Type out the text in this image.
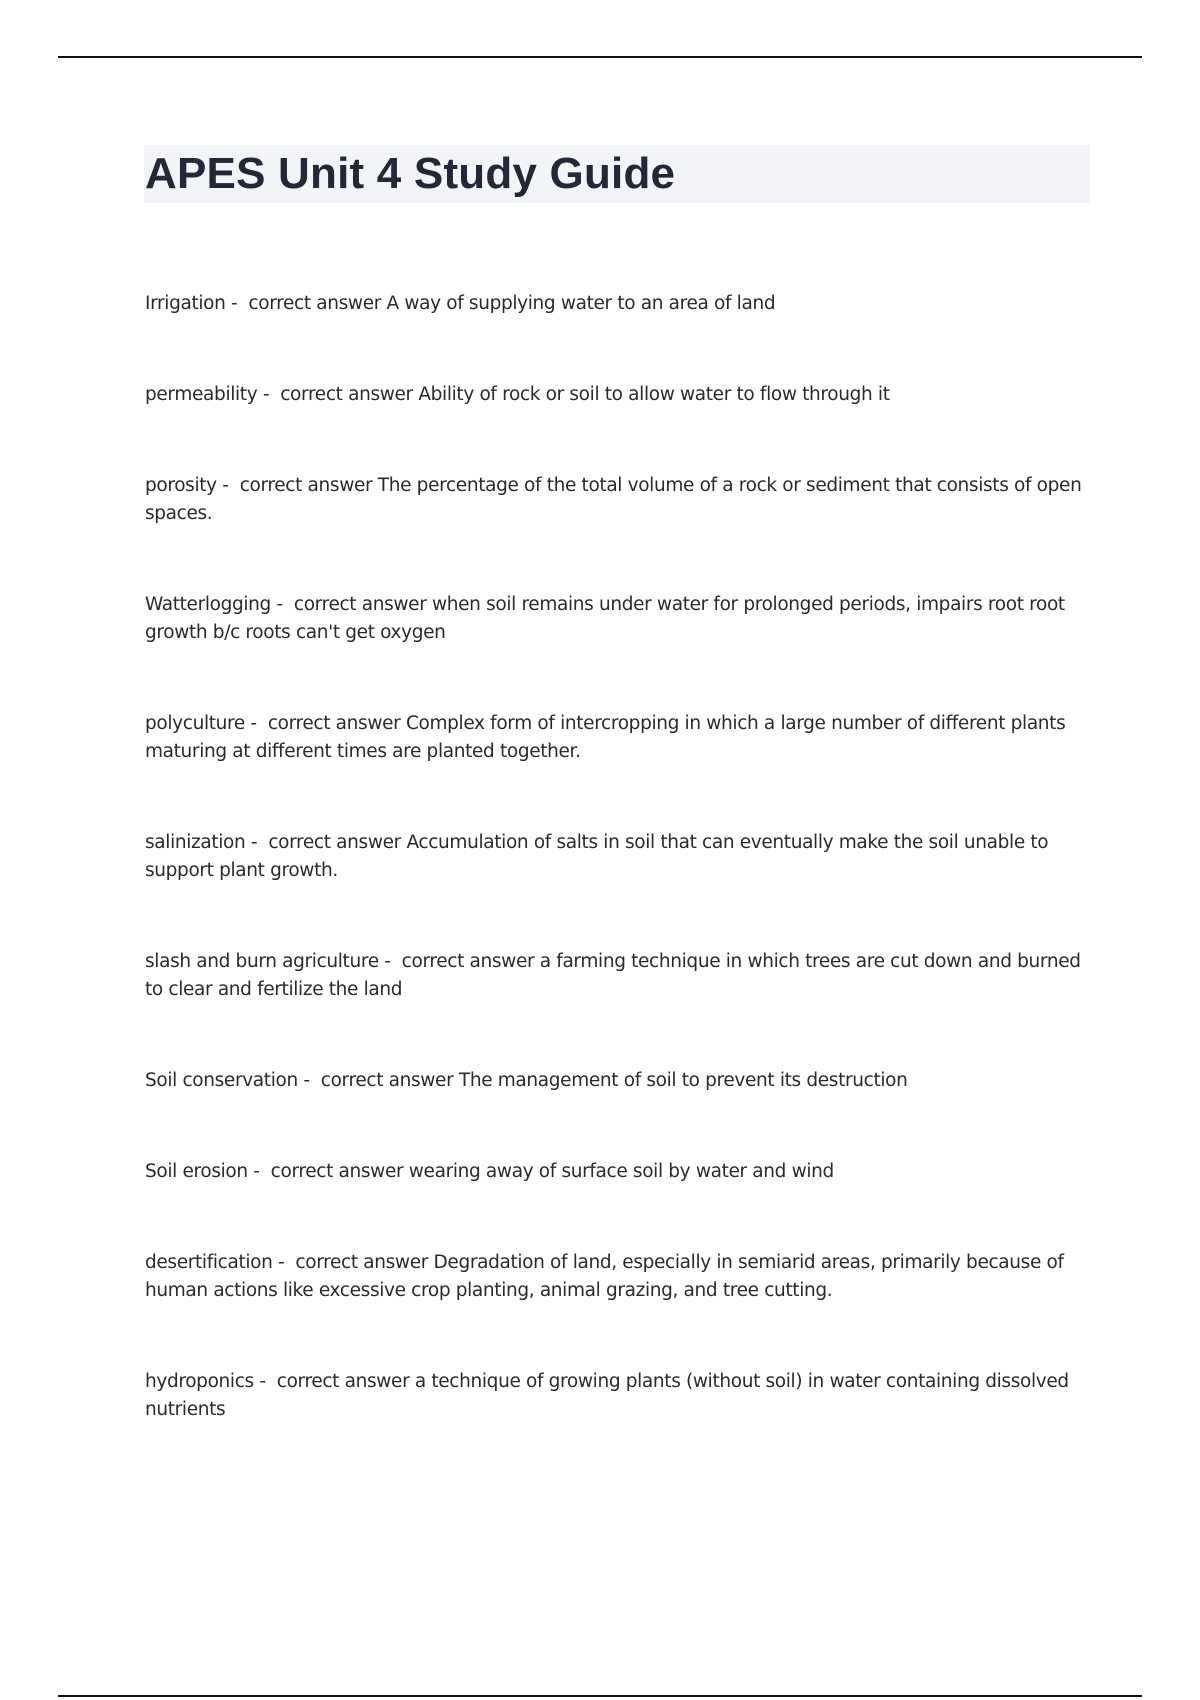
APES Unit 4 Study Guide

Irrigation -  correct answer A way of supplying water to an area of land

permeability -  correct answer Ability of rock or soil to allow water to flow through it

porosity -  correct answer The percentage of the total volume of a rock or sediment that consists of open spaces.

Watterlogging -  correct answer when soil remains under water for prolonged periods, impairs root root growth b/c roots can't get oxygen

polyculture -  correct answer Complex form of intercropping in which a large number of different plants maturing at different times are planted together.

salinization -  correct answer Accumulation of salts in soil that can eventually make the soil unable to support plant growth.

slash and burn agriculture -  correct answer a farming technique in which trees are cut down and burned to clear and fertilize the land

Soil conservation -  correct answer The management of soil to prevent its destruction

Soil erosion -  correct answer wearing away of surface soil by water and wind

desertification -  correct answer Degradation of land, especially in semiarid areas, primarily because of human actions like excessive crop planting, animal grazing, and tree cutting.

hydroponics -  correct answer a technique of growing plants (without soil) in water containing dissolved nutrients
